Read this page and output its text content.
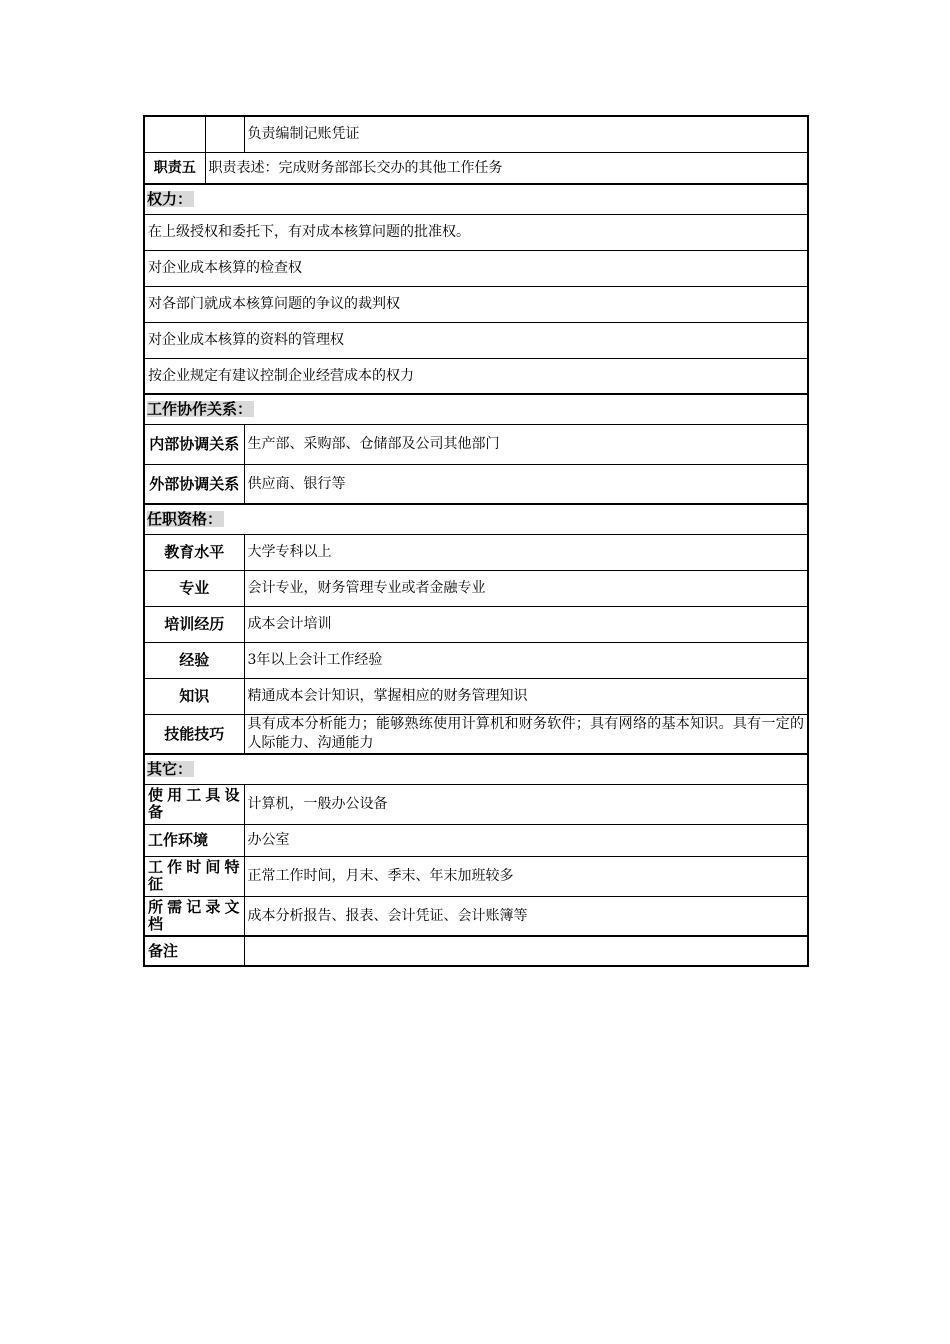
		负责编制记账凭证
职责五	职责表述：完成财务部部长交办的其他工作任务	
权力：		
在上级授权和委托下，有对成本核算问题的批准权。		
对企业成本核算的检查权		
对各部门就成本核算问题的争议的裁判权		
对企业成本核算的资料的管理权		
按企业规定有建议控制企业经营成本的权力		
工作协作关系：		
内部协调关系		生产部、采购部、仓储部及公司其他部门
外部协调关系		供应商、银行等
任职资格：		
教育水平		大学专科以上
专业		会计专业，财务管理专业或者金融专业
培训经历		成本会计培训
经验		3年以上会计工作经验
知识		精通成本会计知识，掌握相应的财务管理知识
技能技巧		具有成本分析能力；能够熟练使用计算机和财务软件；具有网络的基本知识。具有一定的人际能力、沟通能力
其它：		
使用工具设备		计算机，一般办公设备
工作环境		办公室
工作时间特征		正常工作时间，月末、季末、年末加班较多
所需记录文档		成本分析报告、报表、会计凭证、会计账簿等
备注		
